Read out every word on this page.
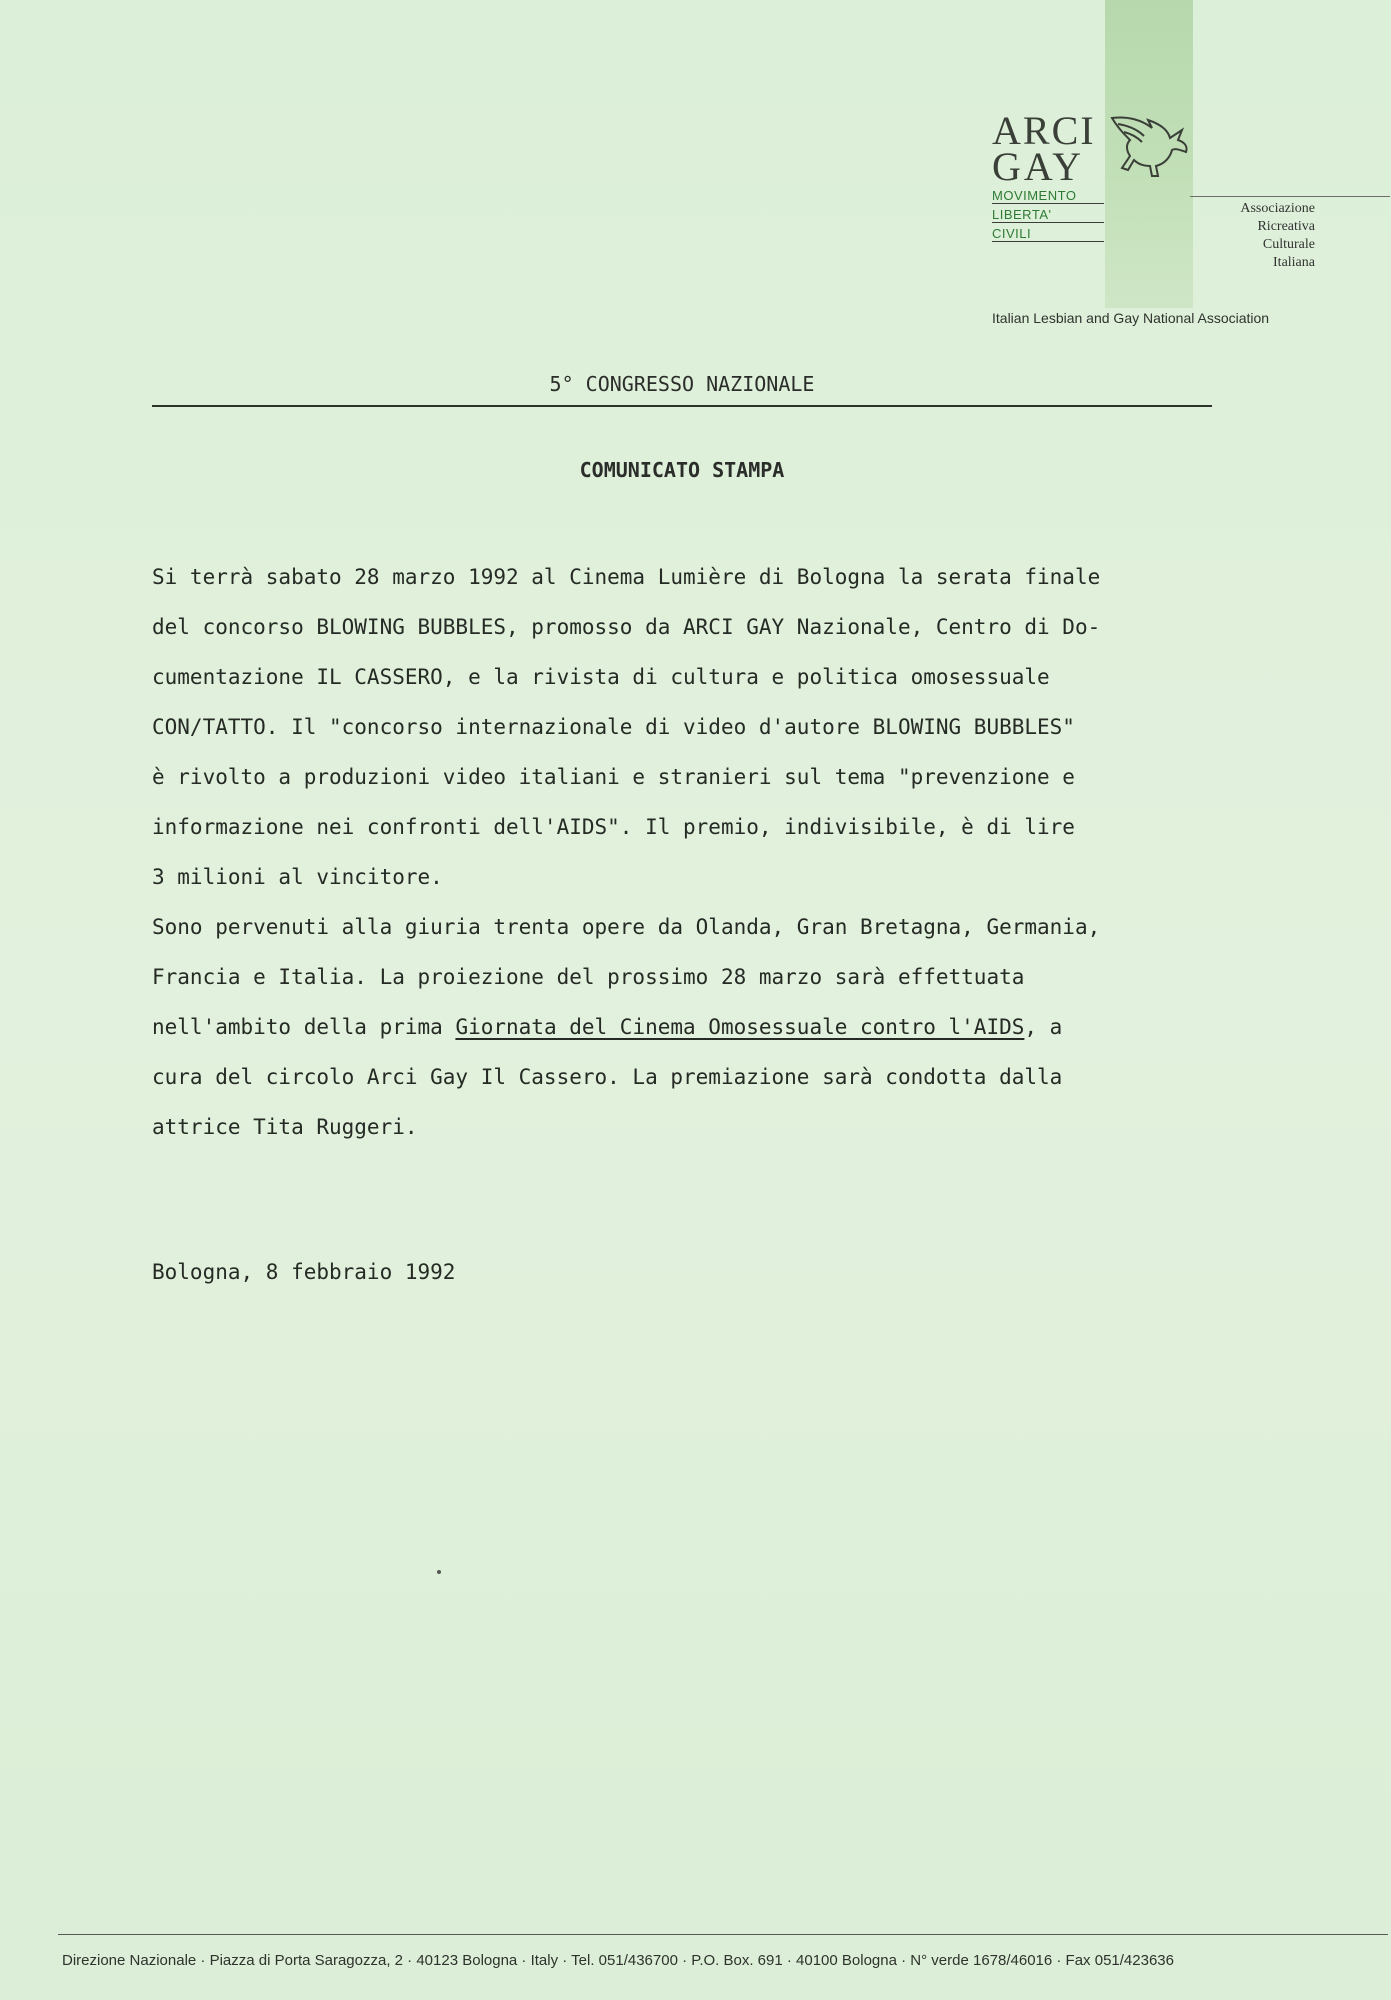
ARCI

GAY

MOVIMENTO

LIBERTA'

CIVILI

Associazione
Ricreativa
Culturale
Italiana

Italian Lesbian and Gay National Association

5° CONGRESSO NAZIONALE

COMUNICATO STAMPA

Si terrà sabato 28 marzo 1992 al Cinema Lumière di Bologna la serata finale

del concorso BLOWING BUBBLES, promosso da ARCI GAY Nazionale, Centro di Do-

cumentazione IL CASSERO, e la rivista di cultura e politica omosessuale

CON/TATTO. Il "concorso internazionale di video d'autore BLOWING BUBBLES"

è rivolto a produzioni video italiani e stranieri sul tema "prevenzione e

informazione nei confronti dell'AIDS". Il premio, indivisibile, è di lire

3 milioni al vincitore.

Sono pervenuti alla giuria trenta opere da Olanda, Gran Bretagna, Germania,

Francia e Italia. La proiezione del prossimo 28 marzo sarà effettuata

nell'ambito della prima Giornata del Cinema Omosessuale contro l'AIDS, a

cura del circolo Arci Gay Il Cassero. La premiazione sarà condotta dalla

attrice Tita Ruggeri.

Bologna, 8 febbraio 1992

Direzione Nazionale · Piazza di Porta Saragozza, 2 · 40123 Bologna · Italy · Tel. 051/436700 · P.O. Box. 691 · 40100 Bologna · N° verde 1678/46016 · Fax 051/423636
